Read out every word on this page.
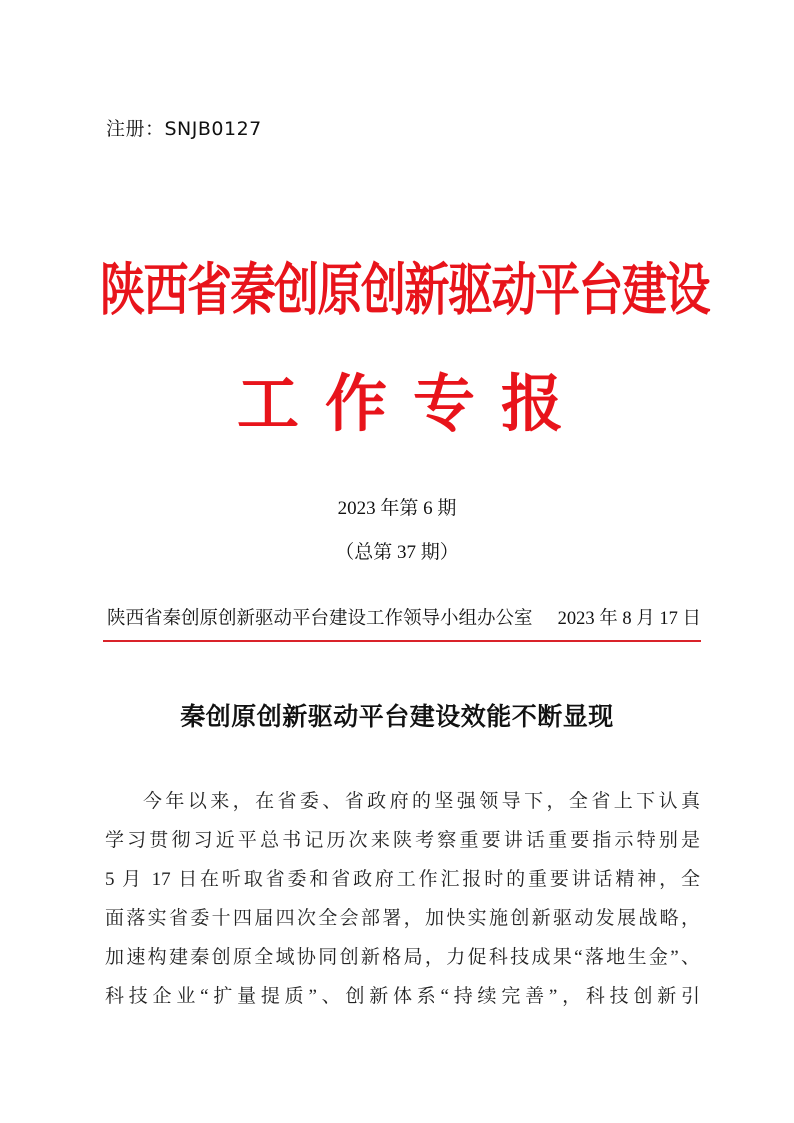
注册：SNJB0127
陕西省秦创原创新驱动平台建设
工作专报
2023 年第 6 期
（总第 37 期）
陕西省秦创原创新驱动平台建设工作领导小组办公室 2023 年 8 月 17 日
秦创原创新驱动平台建设效能不断显现

今年以来，在省委、省政府的坚强领导下，全省上下认真

学习贯彻习近平总书记历次来陕考察重要讲话重要指示特别是

5 月 17 日在听取省委和省政府工作汇报时的重要讲话精神，全

面落实省委十四届四次全会部署，加快实施创新驱动发展战略，

加速构建秦创原全域协同创新格局，力促科技成果“落地生金”、

科技企业“扩量提质”、创新体系“持续完善”，科技创新引
